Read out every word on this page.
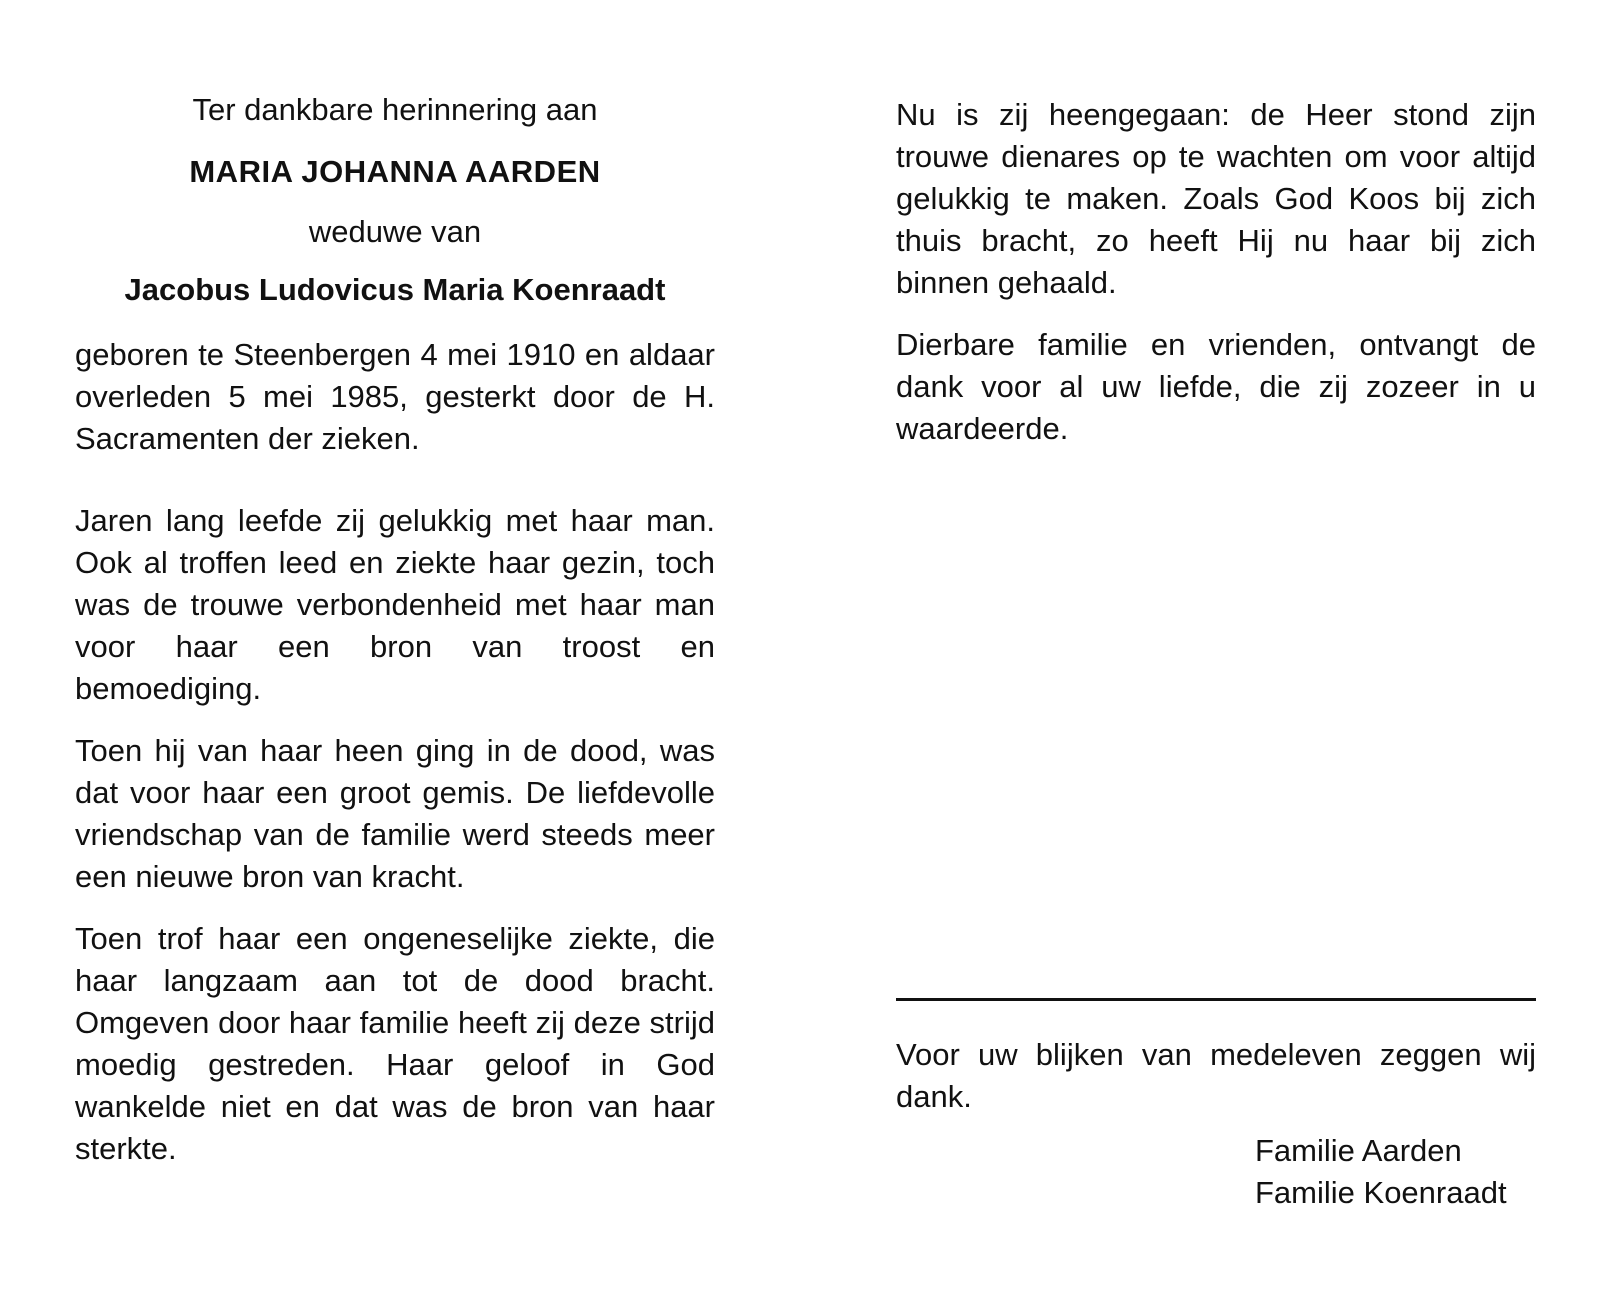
Ter dankbare herinnering aan

MARIA JOHANNA AARDEN

weduwe van

Jacobus Ludovicus Maria Koenraadt

geboren te Steenbergen 4 mei 1910 en aldaar overleden 5 mei 1985, gesterkt door de H. Sacramenten der zieken.

Jaren lang leefde zij gelukkig met haar man. Ook al troffen leed en ziekte haar gezin, toch was de trouwe verbondenheid met haar man voor haar een bron van troost en bemoediging.

Toen hij van haar heen ging in de dood, was dat voor haar een groot gemis. De liefdevolle vriendschap van de familie werd steeds meer een nieuwe bron van kracht.

Toen trof haar een ongeneselijke ziekte, die haar langzaam aan tot de dood bracht. Omgeven door haar familie heeft zij deze strijd moedig gestreden. Haar geloof in God wankelde niet en dat was de bron van haar sterkte.

Nu is zij heengegaan: de Heer stond zijn trouwe dienares op te wachten om voor altijd gelukkig te maken. Zoals God Koos bij zich thuis bracht, zo heeft Hij nu haar bij zich binnen gehaald.

Dierbare familie en vrienden, ontvangt de dank voor al uw liefde, die zij zozeer in u waardeerde.

Voor uw blijken van medeleven zeggen wij dank.

Familie Aarden
Familie Koenraadt
